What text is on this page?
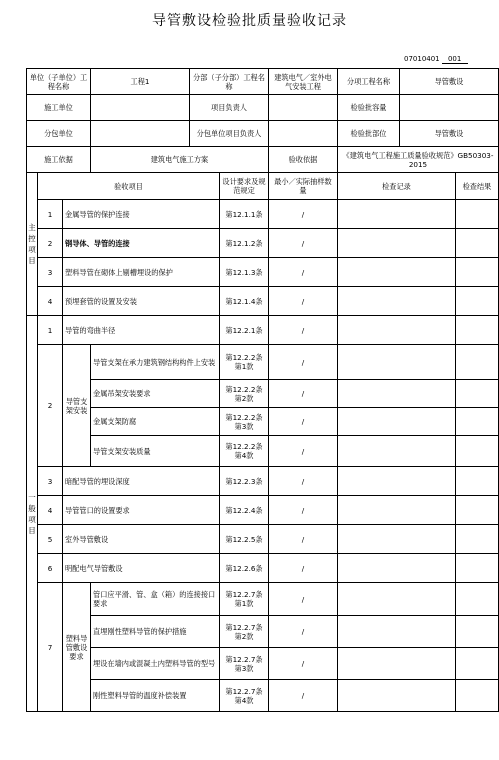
导管敷设检验批质量验收记录
07010401 001
单位（子单位）工程名称			工程1	分部（子分部）工程名称		建筑电气／室外电气安装工程	分项工程名称	导管敷设	
施工单位				项目负责人			检验批容量		
分包单位				分包单位项目负责人			检验批部位	导管敷设	
施工依据			建筑电气施工方案			验收依据	《建筑电气工程施工质量验收规范》GB50303-2015		
主控项目	验收项目				设计要求及规范规定	最小／实际抽样数量	检查记录		检查结果
	1	金属导管的保护连接			第12.1.1条	/			
	2	钢导体、导管的连接			第12.1.2条	/			
	3	塑料导管在砌体上剔槽埋设的保护			第12.1.3条	/			
	4	预埋套管的设置及安装			第12.1.4条	/			
一般项目	1	导管的弯曲半径			第12.2.1条	/			
	2	导管支架安装	导管支架在承力建筑钢结构构件上安装		第12.2.2条第1款	/			
			金属吊架安装要求		第12.2.2条第2款	/			
			金属支架防腐		第12.2.2条第3款	/			
			导管支架安装质量		第12.2.2条第4款	/			
	3	暗配导管的埋设深度			第12.2.3条	/			
	4	导管管口的设置要求			第12.2.4条	/			
	5	室外导管敷设			第12.2.5条	/			
	6	明配电气导管敷设			第12.2.6条	/			
	7	塑料导管敷设要求	管口应平滑、管、盒（箱）的连接接口要求		第12.2.7条第1款	/			
			直埋刚性塑料导管的保护措施		第12.2.7条第2款	/			
			埋设在墙内或混凝土内塑料导管的型号		第12.2.7条第3款	/			
			刚性塑料导管的温度补偿装置		第12.2.7条第4款	/			
